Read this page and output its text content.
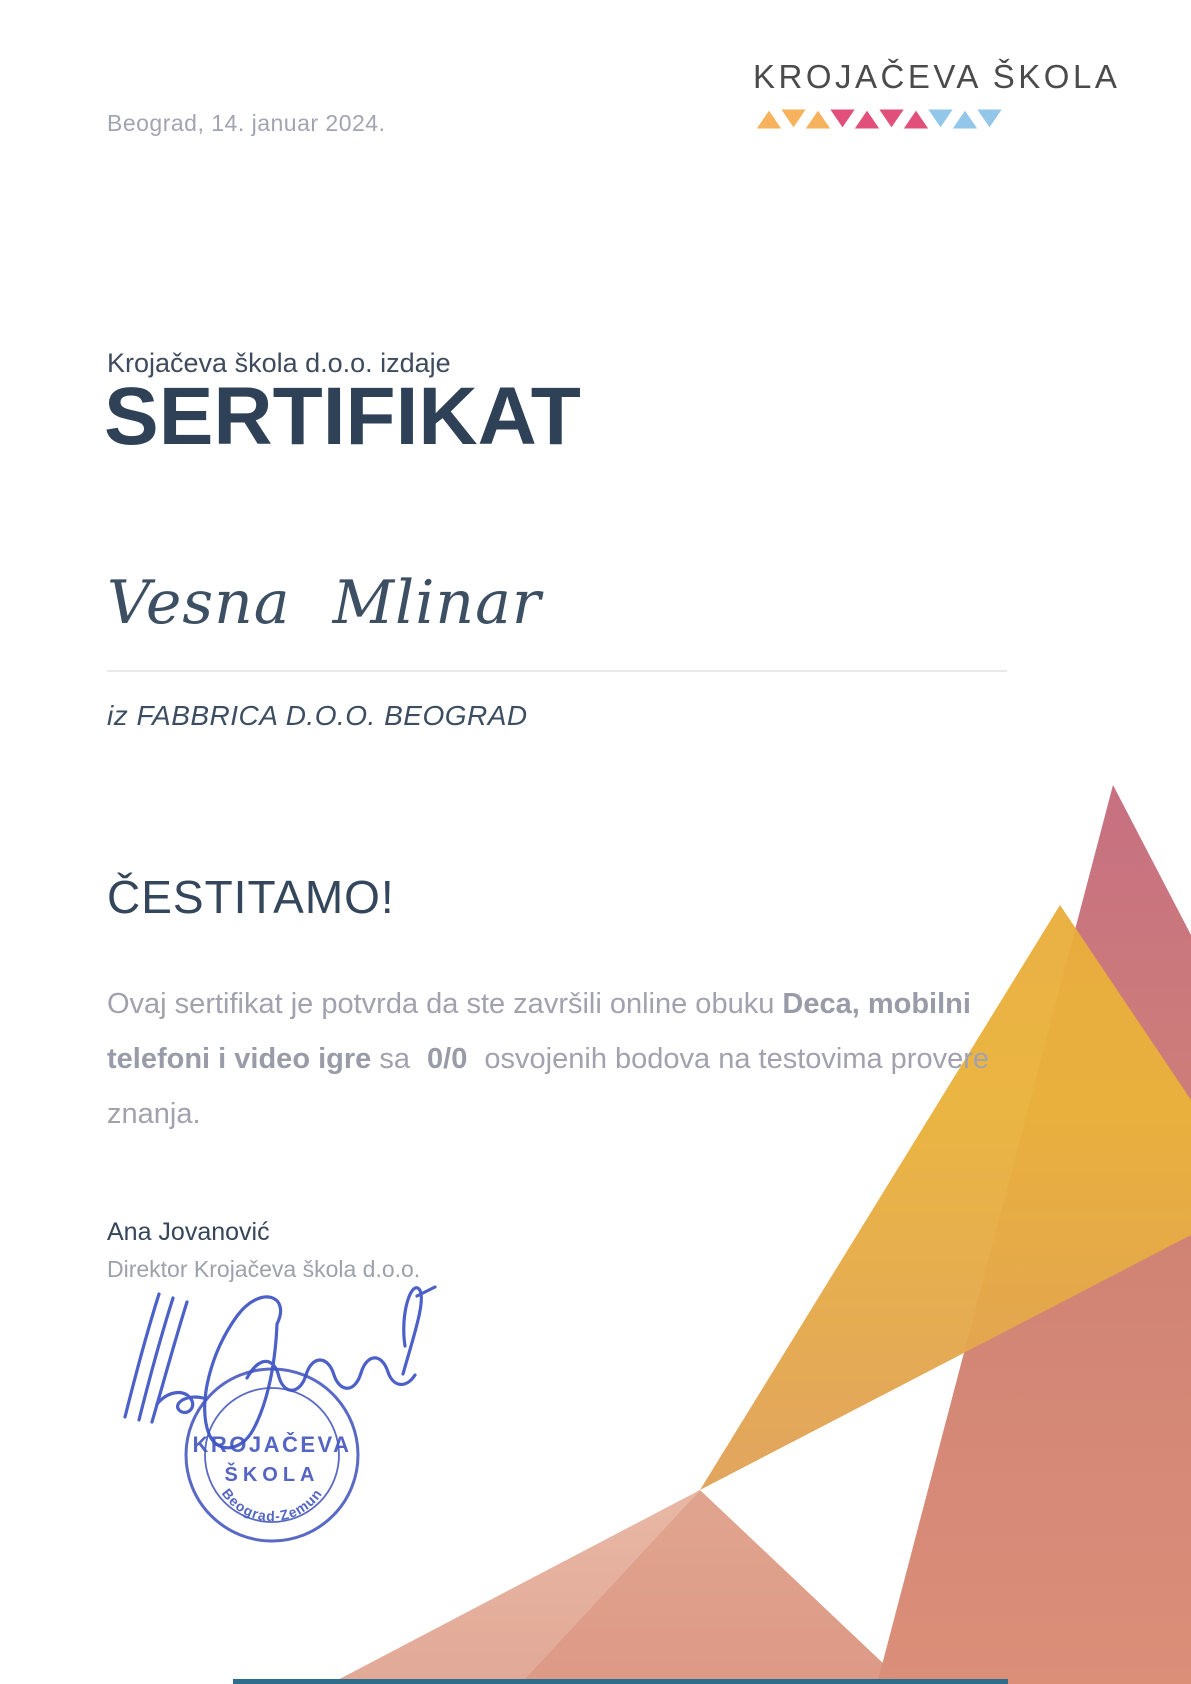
Beograd, 14. januar 2024.
KROJAČEVA ŠKOLA
Krojačeva škola d.o.o. izdaje
SERTIFIKAT
Vesna Mlinar
iz FABBRICA D.O.O. BEOGRAD
ČESTITAMO!

Ovaj sertifikat je potvrda da ste završili online obuku Deca, mobilni telefoni i video igre sa 0/0 osvojenih bodova na testovima provere znanja.

Ana Jovanović
Direktor Krojačeva škola d.o.o.
KROJAČEVA
ŠKOLA
Beograd-Zemun
